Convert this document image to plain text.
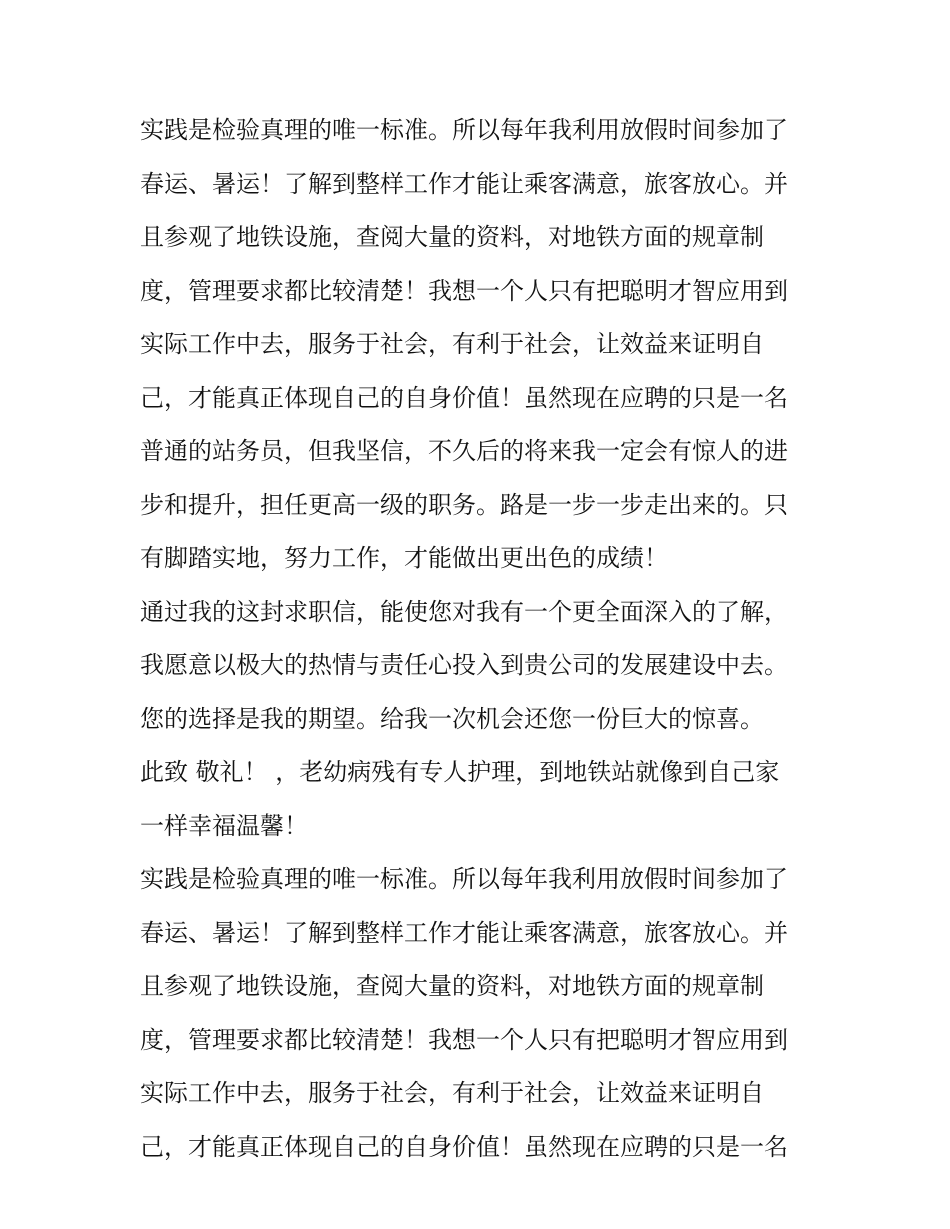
实践是检验真理的唯一标准。所以每年我利用放假时间参加了
春运、暑运！了解到整样工作才能让乘客满意，旅客放心。并
且参观了地铁设施，查阅大量的资料，对地铁方面的规章制
度，管理要求都比较清楚！我想一个人只有把聪明才智应用到
实际工作中去，服务于社会，有利于社会，让效益来证明自
己，才能真正体现自己的自身价值！虽然现在应聘的只是一名
普通的站务员，但我坚信，不久后的将来我一定会有惊人的进
步和提升，担任更高一级的职务。路是一步一步走出来的。只
有脚踏实地，努力工作，才能做出更出色的成绩！
通过我的这封求职信，能使您对我有一个更全面深入的了解，
我愿意以极大的热情与责任心投入到贵公司的发展建设中去。
您的选择是我的期望。给我一次机会还您一份巨大的惊喜。
此致 敬礼！ ，老幼病残有专人护理，到地铁站就像到自己家
一样幸福温馨！
实践是检验真理的唯一标准。所以每年我利用放假时间参加了
春运、暑运！了解到整样工作才能让乘客满意，旅客放心。并
且参观了地铁设施，查阅大量的资料，对地铁方面的规章制
度，管理要求都比较清楚！我想一个人只有把聪明才智应用到
实际工作中去，服务于社会，有利于社会，让效益来证明自
己，才能真正体现自己的自身价值！虽然现在应聘的只是一名
